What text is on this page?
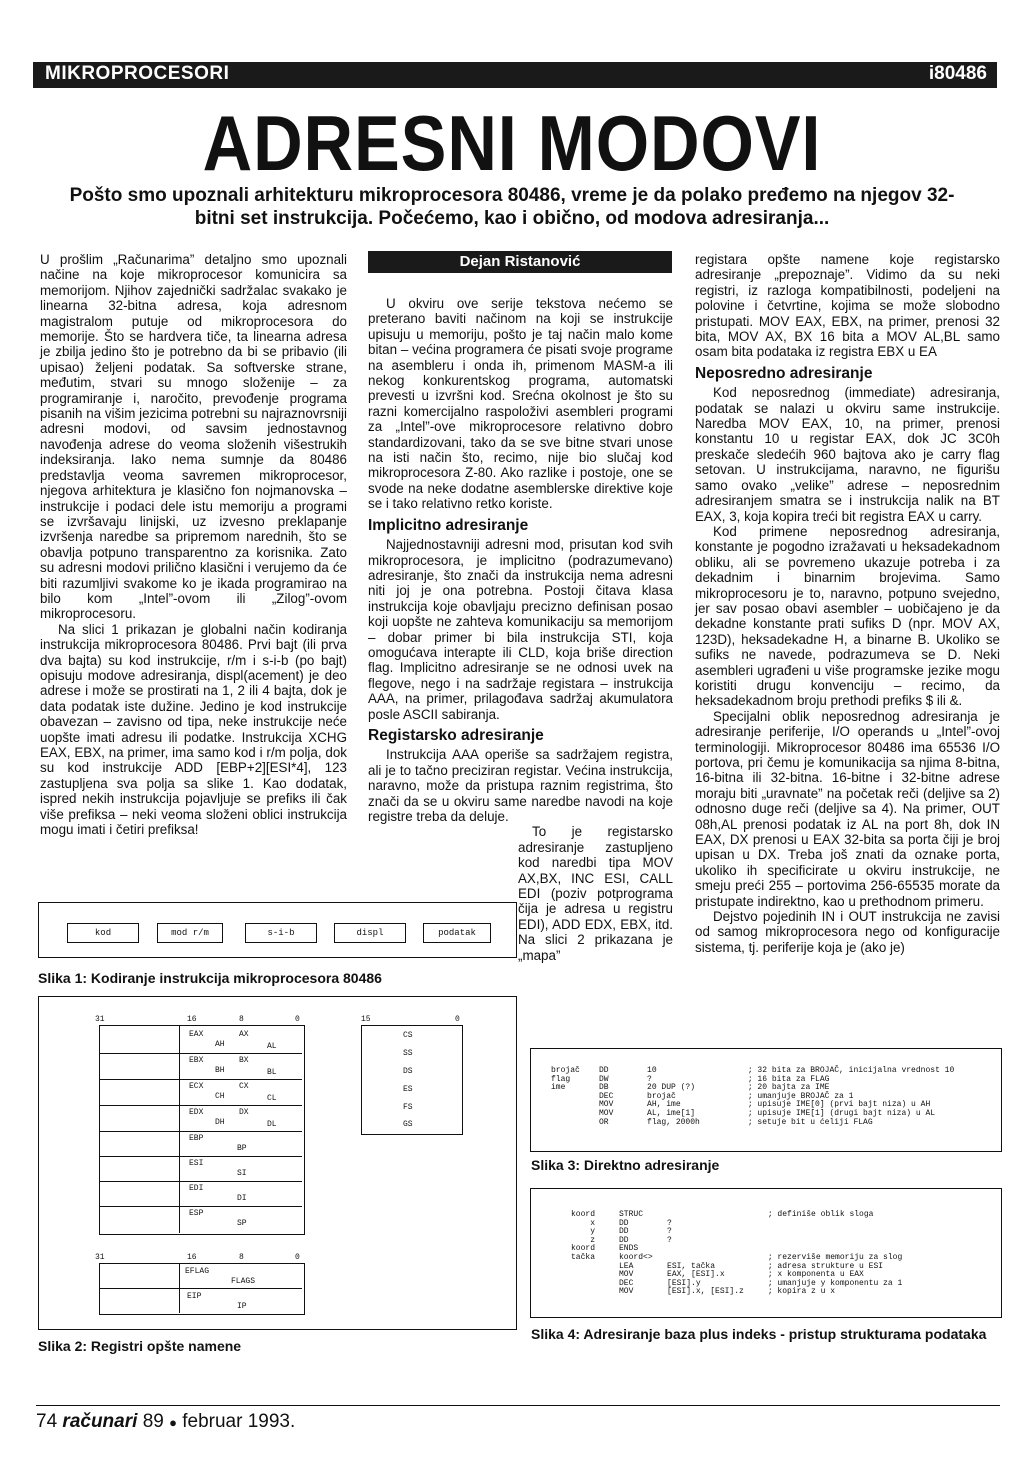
MIKROPROCESORI	i80486
ADRESNI MODOVI
Pošto smo upoznali arhitekturu mikroprocesora 80486, vreme je da polako pređemo na njegov 32-bitni set instrukcija. Počećemo, kao i obično, od modova adresiranja...

U prošlim „Računarima” detaljno smo upoznali načine na koje mikroprocesor komunicira sa memorijom. Njihov zajednički sadržalac svakako je linearna 32-bitna adresa, koja adresnom magistralom putuje od mikroprocesora do memorije. Što se hardvera tiče, ta linearna adresa je zbilja jedino što je potrebno da bi se pribavio (ili upisao) željeni podatak. Sa softverske strane, međutim, stvari su mnogo složenije – za programiranje i, naročito, prevođenje programa pisanih na višim jezicima potrebni su najraznovrsniji adresni modovi, od savsim jednostavnog navođenja adrese do veoma složenih višestrukih indeksiranja. Iako nema sumnje da 80486 predstavlja veoma savremen mikroprocesor, njegova arhitektura je klasično fon nojmanovska – instrukcije i podaci dele istu memoriju a programi se izvršavaju linijski, uz izvesno preklapanje izvršenja naredbe sa pripremom narednih, što se obavlja potpuno transparentno za korisnika. Zato su adresni modovi prilično klasični i verujemo da će biti razumljivi svakome ko je ikada programirao na bilo kom „Intel”-ovom ili „Zilog”-ovom mikroprocesoru.

Na slici 1 prikazan je globalni način kodiranja instrukcija mikroprocesora 80486. Prvi bajt (ili prva dva bajta) su kod instrukcije, r/m i s-i-b (po bajt) opisuju modove adresiranja, displ(acement) je deo adrese i može se prostirati na 1, 2 ili 4 bajta, dok je data podatak iste dužine. Jedino je kod instrukcije obavezan – zavisno od tipa, neke instrukcije neće uopšte imati adresu ili podatke. Instrukcija XCHG EAX, EBX, na primer, ima samo kod i r/m polja, dok su kod instrukcije ADD [EBP+2][ESI*4], 123 zastupljena sva polja sa slike 1. Kao dodatak, ispred nekih instrukcija pojavljuje se prefiks ili čak više prefiksa – neki veoma složeni oblici instrukcija mogu imati i četiri prefiksa!

Dejan Ristanović

U okviru ove serije tekstova nećemo se preterano baviti načinom na koji se instrukcije upisuju u memoriju, pošto je taj način malo kome bitan – većina programera će pisati svoje programe na asembleru i onda ih, primenom MASM-a ili nekog konkurentskog programa, automatski prevesti u izvršni kod. Srećna okolnost je što su razni komercijalno raspoloživi asembleri programi za „Intel”-ove mikroprocesore relativno dobro standardizovani, tako da se sve bitne stvari unose na isti način što, recimo, nije bio slučaj kod mikroprocesora Z-80. Ako razlike i postoje, one se svode na neke dodatne asemblerske direktive koje se i tako relativno retko koriste.

Implicitno adresiranje

Najjednostavniji adresni mod, prisutan kod svih mikroprocesora, je implicitno (podrazumevano) adresiranje, što znači da instrukcija nema adresni niti joj je ona potrebna. Postoji čitava klasa instrukcija koje obavljaju precizno definisan posao koji uopšte ne zahteva komunikaciju sa memorijom – dobar primer bi bila instrukcija STI, koja omogućava interapte ili CLD, koja briše direction flag. Implicitno adresiranje se ne odnosi uvek na flegove, nego i na sadržaje registara – instrukcija AAA, na primer, prilagođava sadržaj akumulatora posle ASCII sabiranja.

Registarsko adresiranje

Instrukcija AAA operiše sa sadržajem registra, ali je to tačno preciziran registar. Većina instrukcija, naravno, može da pristupa raznim registrima, što znači da se u okviru same naredbe navodi na koje registre treba da deluje.

To je registarsko adresiranje zastupljeno kod naredbi tipa MOV AX,BX, INC ESI, CALL EDI (poziv potprograma čija je adresa u registru EDI), ADD EDX, EBX, itd. Na slici 2 prikazana je „mapa”

registara opšte namene koje registarsko adresiranje „prepoznaje”. Vidimo da su neki registri, iz razloga kompatibilnosti, podeljeni na polovine i četvrtine, kojima se može slobodno pristupati. MOV EAX, EBX, na primer, prenosi 32 bita, MOV AX, BX 16 bita a MOV AL,BL samo osam bita podataka iz registra EBX u EA

Neposredno adresiranje

Kod neposrednog (immediate) adresiranja, podatak se nalazi u okviru same instrukcije. Naredba MOV EAX, 10, na primer, prenosi konstantu 10 u registar EAX, dok JC 3C0h preskače sledećih 960 bajtova ako je carry flag setovan. U instrukcijama, naravno, ne figurišu samo ovako „velike” adrese – neposrednim adresiranjem smatra se i instrukcija nalik na BT EAX, 3, koja kopira treći bit registra EAX u carry.

Kod primene neposrednog adresiranja, konstante je pogodno izražavati u heksadekadnom obliku, ali se povremeno ukazuje potreba i za dekadnim i binarnim brojevima. Samo mikroprocesoru je to, naravno, potpuno svejedno, jer sav posao obavi asembler – uobičajeno je da dekadne konstante prati sufiks D (npr. MOV AX, 123D), heksadekadne H, a binarne B. Ukoliko se sufiks ne navede, podrazumeva se D. Neki asembleri ugrađeni u više programske jezike mogu koristiti drugu konvenciju – recimo, da heksadekadnom broju prethodi prefiks $ ili &.

Specijalni oblik neposrednog adresiranja je adresiranje periferije, I/O operands u „Intel”-ovoj terminologiji. Mikroprocesor 80486 ima 65536 I/O portova, pri čemu je komunikacija sa njima 8-bitna, 16-bitna ili 32-bitna. 16-bitne i 32-bitne adrese moraju biti „uravnate” na početak reči (deljive sa 2) odnosno duge reči (deljive sa 4). Na primer, OUT 08h,AL prenosi podatak iz AL na port 8h, dok IN EAX, DX prenosi u EAX 32-bita sa porta čiji je broj upisan u DX. Treba još znati da oznake porta, ukoliko ih specificirate u okviru instrukcije, ne smeju preći 255 – portovima 256-65535 morate da pristupate indirektno, kao u prethodnom primeru.

Dejstvo pojedinih IN i OUT instrukcija ne zavisi od samog mikroprocesora nego od konfiguracije sistema, tj. periferije koja je (ako je)

kod	mod r/m	s-i-b	displ	podatak
Slika 1: Kodiranje instrukcija mikroprocesora 80486
31	16	8	0	15	0
EAX	AX
AH	AL
EBX	BX
BH	BL
ECX	CX
CH	CL
EDX	DX
DH	DL
EBP
BP
ESI
SI
EDI
DI
ESP
SP
CS
SS
DS
ES
FS
GS
31	16	8	0
EFLAG
FLAGS
EIP
IP
Slika 2: Registri opšte namene
brojač    DD        10                   ; 32 bita za BROJAČ, inicijalna vrednost 10
flag      DW        ?                    ; 16 bita za FLAG
ime       DB        20 DUP (?)           ; 20 bajta za IME
DEC       brojač               ; umanjuje BROJAČ za 1
MOV       AH, ime              ; upisuje IME[0] (prvi bajt niza) u AH
MOV       AL, ime[1]           ; upisuje IME[1] (drugi bajt niza) u AL
OR        flag, 2000h          ; setuje bit u ćeliji FLAG
Slika 3: Direktno adresiranje
koord     STRUC                          ; definiše oblik sloga
x     DD        ?
y     DD        ?
z     DD        ?
koord     ENDS
tačka     koord<>                        ; rezerviše memoriju za slog
LEA       ESI, tačka           ; adresa strukture u ESI
MOV       EAX, [ESI].x         ; x komponenta u EAX
DEC       [ESI].y              ; umanjuje y komponentu za 1
MOV       [ESI].x, [ESI].z     ; kopira z u x
Slika 4: Adresiranje baza plus indeks - pristup strukturama podataka
74 računari 89 ● februar 1993.
